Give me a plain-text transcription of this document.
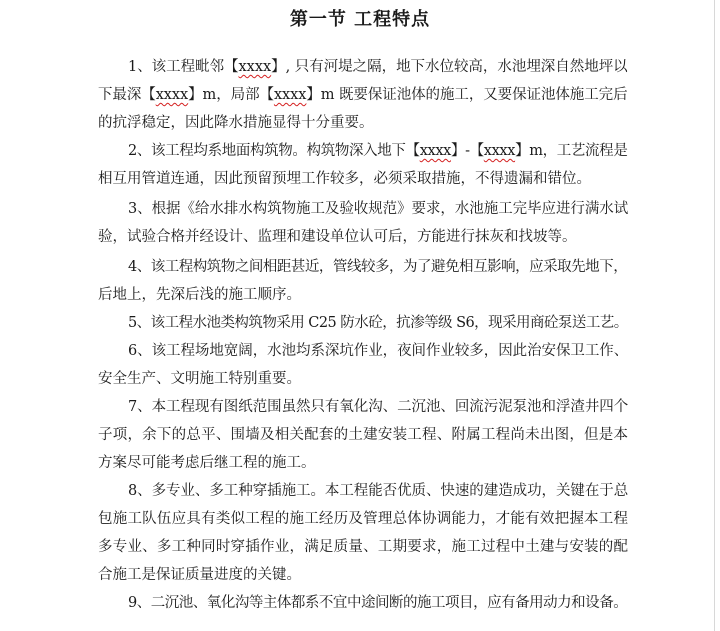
第一节 工程特点
1、该工程毗邻【xxxx】, 只有河堤之隔，地下水位较高，水池埋深自然地坪以
下最深【xxxx】m，局部【xxxx】m 既要保证池体的施工，又要保证池体施工完后
的抗浮稳定，因此降水措施显得十分重要。
2、该工程均系地面构筑物。构筑物深入地下【xxxx】-【xxxx】m，工艺流程是
相互用管道连通，因此预留预埋工作较多，必须采取措施，不得遗漏和错位。
3、根据《给水排水构筑物施工及验收规范》要求，水池施工完毕应进行满水试
验，试验合格并经设计、监理和建设单位认可后，方能进行抹灰和找坡等。
4、该工程构筑物之间相距甚近，管线较多，为了避免相互影响，应采取先地下，
后地上，先深后浅的施工顺序。
5、该工程水池类构筑物采用 C25 防水砼，抗渗等级 S6，现采用商砼泵送工艺。
6、该工程场地宽阔，水池均系深坑作业，夜间作业较多，因此治安保卫工作、
安全生产、文明施工特别重要。
7、本工程现有图纸范围虽然只有氧化沟、二沉池、回流污泥泵池和浮渣井四个
子项，余下的总平、围墙及相关配套的土建安装工程、附属工程尚未出图，但是本
方案尽可能考虑后继工程的施工。
8、多专业、多工种穿插施工。本工程能否优质、快速的建造成功，关键在于总
包施工队伍应具有类似工程的施工经历及管理总体协调能力，才能有效把握本工程
多专业、多工种同时穿插作业，满足质量、工期要求，施工过程中土建与安装的配
合施工是保证质量进度的关键。
9、二沉池、氧化沟等主体都系不宜中途间断的施工项目，应有备用动力和设备。
